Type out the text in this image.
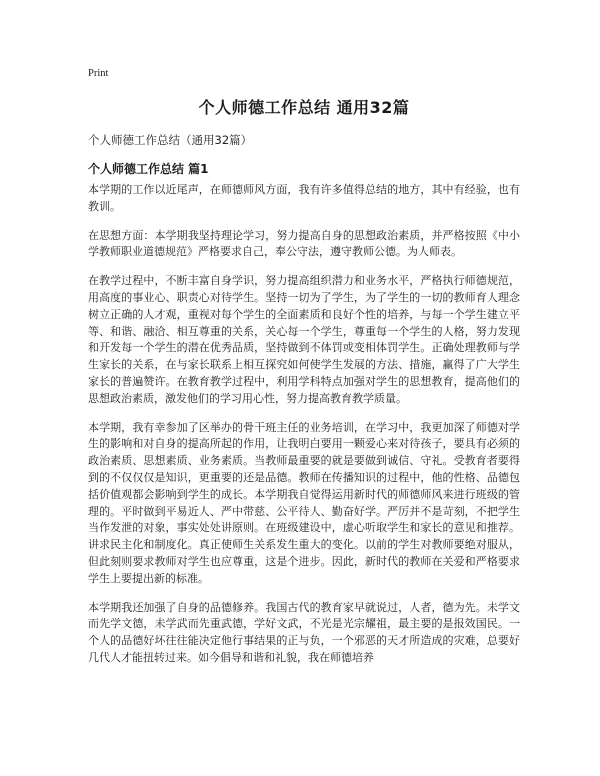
Print
个人师德工作总结 通用32篇
个人师德工作总结（通用32篇）
个人师德工作总结 篇1

本学期的工作以近尾声，在师德师风方面，我有许多值得总结的地方，其中有经验，也有教训。

在思想方面：本学期我坚持理论学习，努力提高自身的思想政治素质，并严格按照《中小学教师职业道德规范》严格要求自己，奉公守法，遵守教师公德。为人师表。

在教学过程中，不断丰富自身学识，努力提高组织潜力和业务水平，严格执行师德规范，用高度的事业心、职责心对待学生。坚持一切为了学生，为了学生的一切的教师育人理念树立正确的人才观，重视对每个学生的全面素质和良好个性的培养，与每一个学生建立平等、和谐、融洽、相互尊重的关系，关心每一个学生，尊重每一个学生的人格，努力发现和开发每一个学生的潜在优秀品质，坚持做到不体罚或变相体罚学生。正确处理教师与学生家长的关系，在与家长联系上相互探究如何使学生发展的方法、措施，赢得了广大学生家长的普遍赞许。在教育教学过程中，利用学科特点加强对学生的思想教育，提高他们的思想政治素质，激发他们的学习用心性，努力提高教育教学质量。

本学期，我有幸参加了区举办的骨干班主任的业务培训，在学习中，我更加深了师德对学生的影响和对自身的提高所起的作用，让我明白要用一颗爱心来对待孩子，要具有必须的政治素质、思想素质、业务素质。当教师最重要的就是要做到诚信、守礼。受教育者要得到的不仅仅仅是知识，更重要的还是品德。教师在传播知识的过程中，他的性格、品德包括价值观都会影响到学生的成长。本学期我自觉得运用新时代的师德师风来进行班级的管理的。平时做到平易近人、严中带慈、公平待人、勤奋好学。严厉并不是苛刻，不把学生当作发泄的对象，事实处处讲原则。在班级建设中，虚心听取学生和家长的意见和推荐。讲求民主化和制度化。真正使师生关系发生重大的变化。以前的学生对教师要绝对服从，但此刻则要求教师对学生也应尊重，这是个进步。因此，新时代的教师在关爱和严格要求学生上要提出新的标准。

本学期我还加强了自身的品德修养。我国古代的教育家早就说过，人者，德为先。未学文而先学文德，未学武而先重武德，学好文武，不光是光宗耀祖，最主要的是报效国民。一个人的品德好坏往往能决定他行事结果的正与负，一个邪恶的天才所造成的灾难，总要好几代人才能扭转过来。如今倡导和谐和礼貌，我在师德培养
